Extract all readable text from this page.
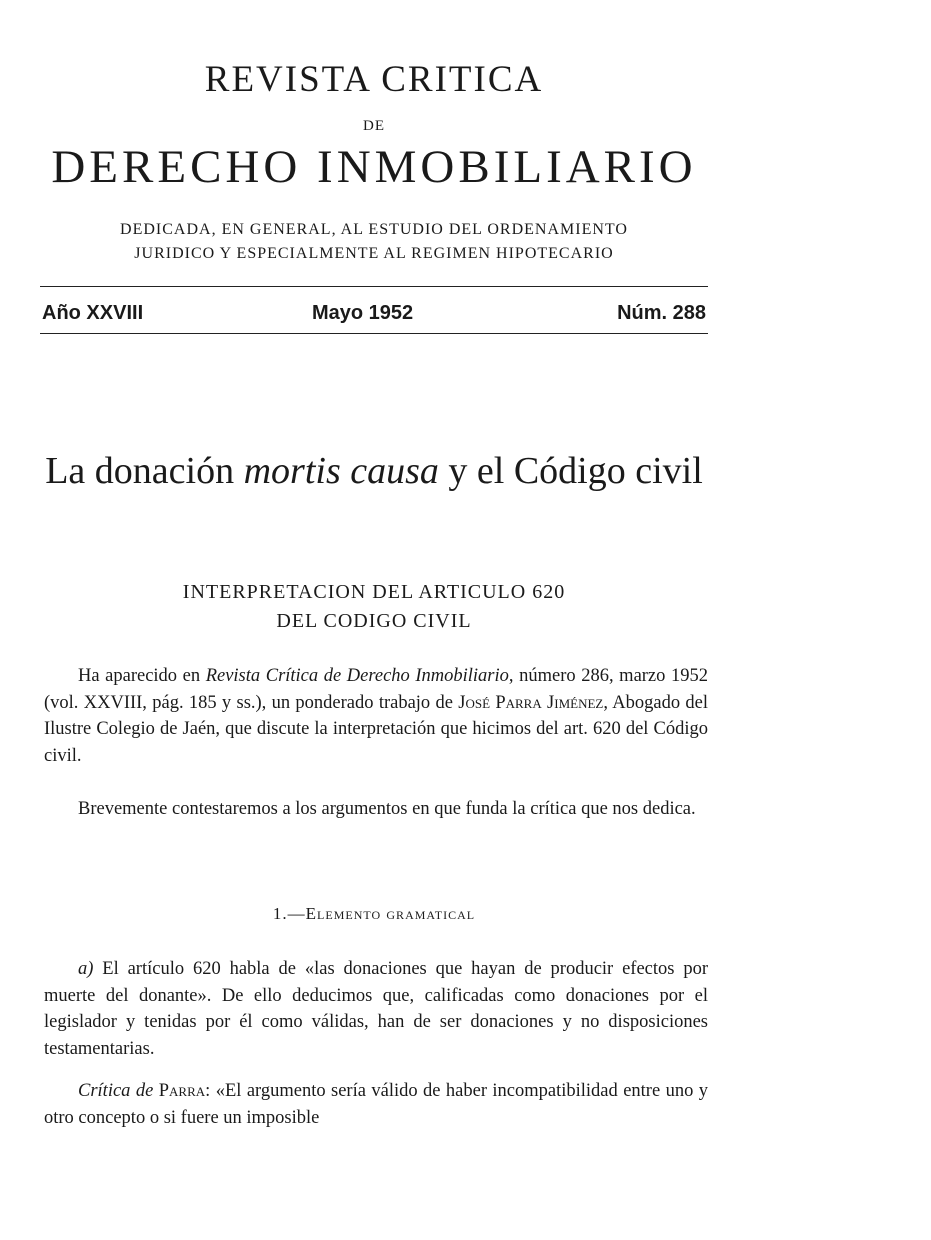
REVISTA CRITICA
DE
DERECHO INMOBILIARIO
DEDICADA, EN GENERAL, AL ESTUDIO DEL ORDENAMIENTO
JURIDICO Y ESPECIALMENTE AL REGIMEN HIPOTECARIO
Año XXVIII	Mayo 1952	Núm. 288
La donación mortis causa y el Código civil
INTERPRETACION DEL ARTICULO 620
DEL CODIGO CIVIL

Ha aparecido en Revista Crítica de Derecho Inmobiliario, número 286, marzo 1952 (vol. XXVIII, pág. 185 y ss.), un ponderado trabajo de José Parra Jiménez, Abogado del Ilustre Colegio de Jaén, que discute la interpretación que hicimos del art. 620 del Código civil.

Brevemente contestaremos a los argumentos en que funda la crítica que nos dedica.

1.—Elemento gramatical

a) El artículo 620 habla de «las donaciones que hayan de producir efectos por muerte del donante». De ello deducimos que, calificadas como donaciones por el legislador y tenidas por él como válidas, han de ser donaciones y no disposiciones testamentarias.

Crítica de Parra: «El argumento sería válido de haber incompatibilidad entre uno y otro concepto o si fuere un imposible
